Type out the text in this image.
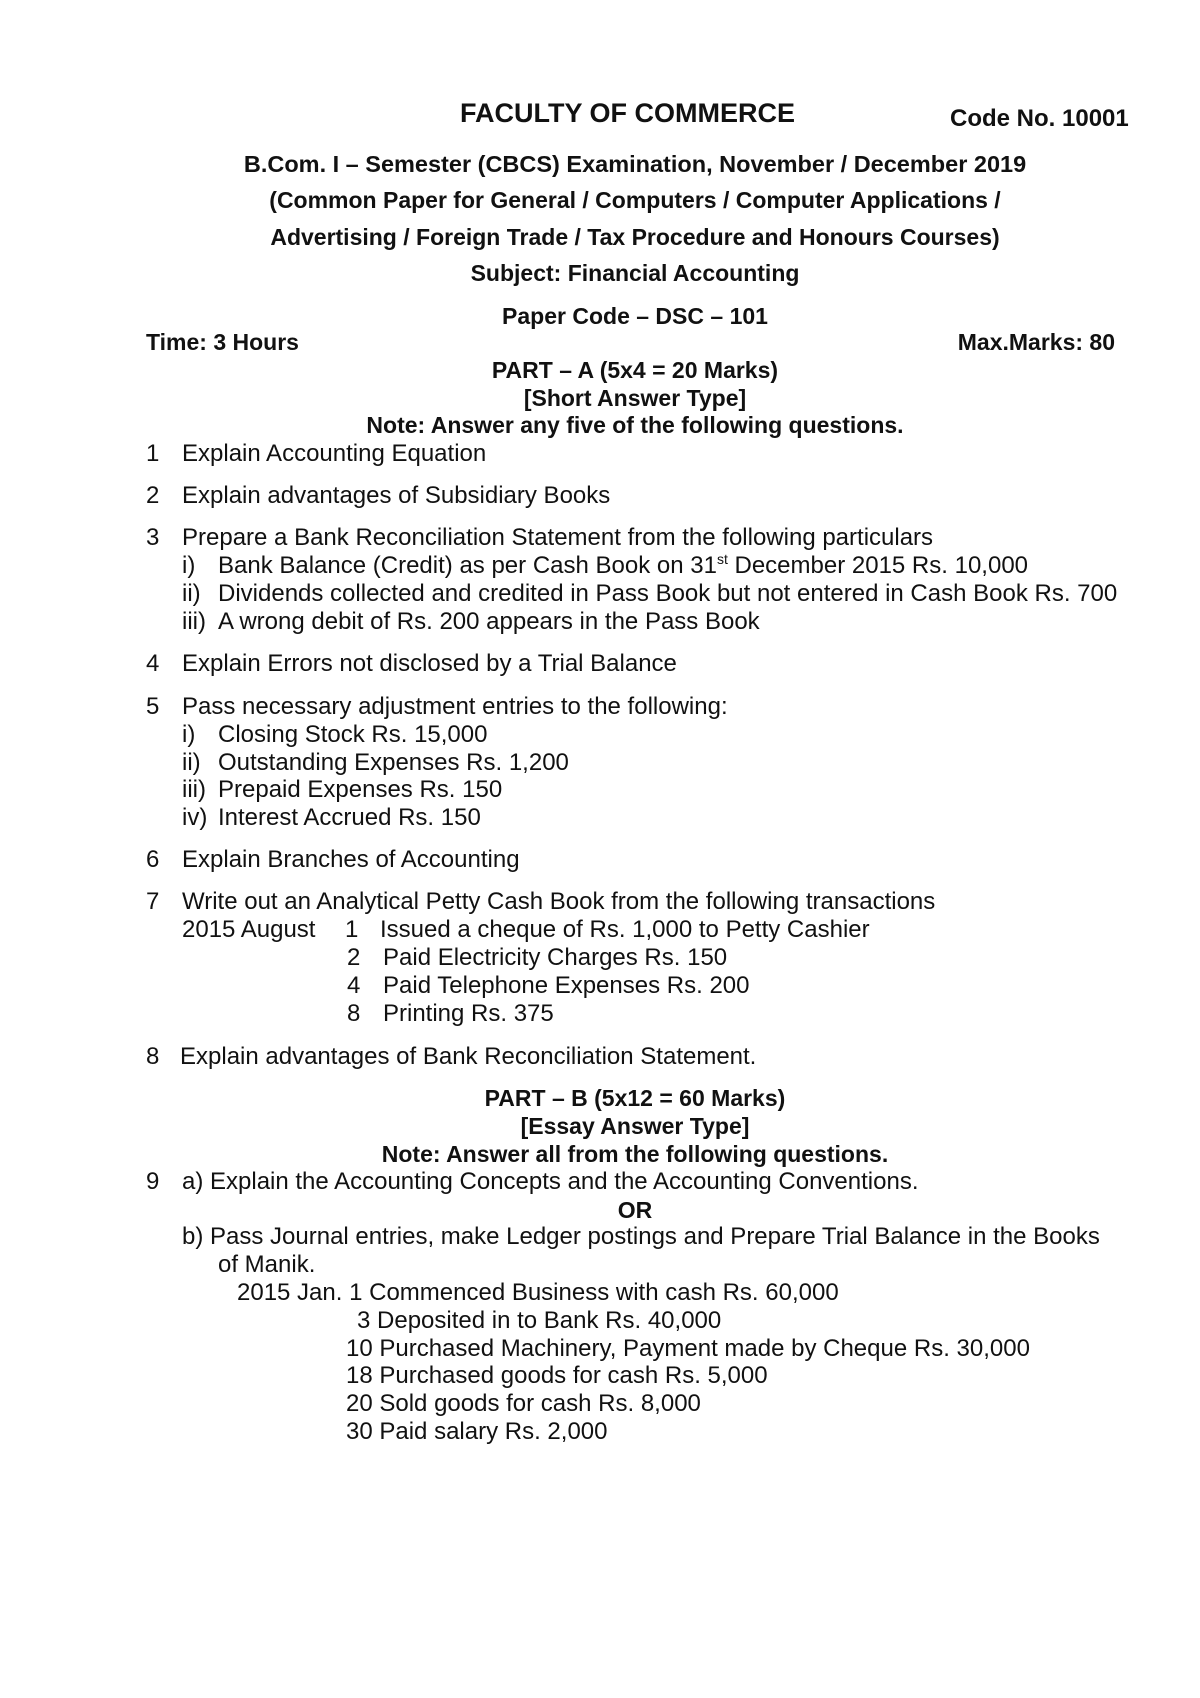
FACULTY OF COMMERCE	Code No. 10001
B.Com. I – Semester (CBCS) Examination, November / December 2019
(Common Paper for General / Computers / Computer Applications /
Advertising / Foreign Trade / Tax Procedure and Honours Courses)
Subject: Financial Accounting
Paper Code – DSC – 101
Time: 3 Hours	Max.Marks: 80
PART – A (5x4 = 20 Marks)
[Short Answer Type]
Note: Answer any five of the following questions.
1 Explain Accounting Equation
2 Explain advantages of Subsidiary Books
3 Prepare a Bank Reconciliation Statement from the following particulars
i) Bank Balance (Credit) as per Cash Book on 31st December 2015 Rs. 10,000
ii) Dividends collected and credited in Pass Book but not entered in Cash Book Rs. 700
iii) A wrong debit of Rs. 200 appears in the Pass Book
4 Explain Errors not disclosed by a Trial Balance
5 Pass necessary adjustment entries to the following:
i) Closing Stock Rs. 15,000
ii) Outstanding Expenses Rs. 1,200
iii) Prepaid Expenses Rs. 150
iv) Interest Accrued Rs. 150
6 Explain Branches of Accounting
7 Write out an Analytical Petty Cash Book from the following transactions
2015 August 1 Issued a cheque of Rs. 1,000 to Petty Cashier
2 Paid Electricity Charges Rs. 150
4 Paid Telephone Expenses Rs. 200
8 Printing Rs. 375
8 Explain advantages of Bank Reconciliation Statement.
PART – B (5x12 = 60 Marks)
[Essay Answer Type]
Note: Answer all from the following questions.
9 a) Explain the Accounting Concepts and the Accounting Conventions.
OR
b) Pass Journal entries, make Ledger postings and Prepare Trial Balance in the Books
of Manik.
2015 Jan. 1 Commenced Business with cash Rs. 60,000
3 Deposited in to Bank Rs. 40,000
10 Purchased Machinery, Payment made by Cheque Rs. 30,000
18 Purchased goods for cash Rs. 5,000
20 Sold goods for cash Rs. 8,000
30 Paid salary Rs. 2,000
